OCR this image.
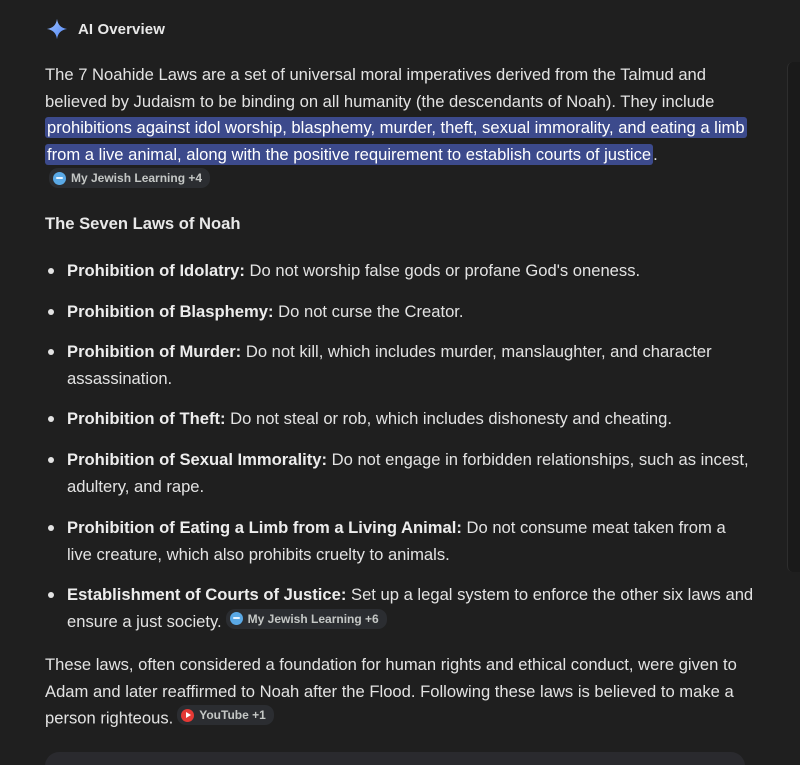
AI Overview

The 7 Noahide Laws are a set of universal moral imperatives derived from the Talmud and believed by Judaism to be binding on all humanity (the descendants of Noah). They include prohibitions against idol worship, blasphemy, murder, theft, sexual immorality, and eating a limb from a live animal, along with the positive requirement to establish courts of justice .
My Jewish Learning +4

The Seven Laws of Noah
Prohibition of Idolatry: Do not worship false gods or profane God's oneness.
Prohibition of Blasphemy: Do not curse the Creator.
Prohibition of Murder: Do not kill, which includes murder, manslaughter, and character assassination.
Prohibition of Theft: Do not steal or rob, which includes dishonesty and cheating.
Prohibition of Sexual Immorality: Do not engage in forbidden relationships, such as incest, adultery, and rape.
Prohibition of Eating a Limb from a Living Animal: Do not consume meat taken from a live creature, which also prohibits cruelty to animals.
Establishment of Courts of Justice: Set up a legal system to enforce the other six laws and ensure a just society. My Jewish Learning +6

These laws, often considered a foundation for human rights and ethical conduct, were given to Adam and later reaffirmed to Noah after the Flood. Following these laws is believed to make a person righteous. YouTube +1
